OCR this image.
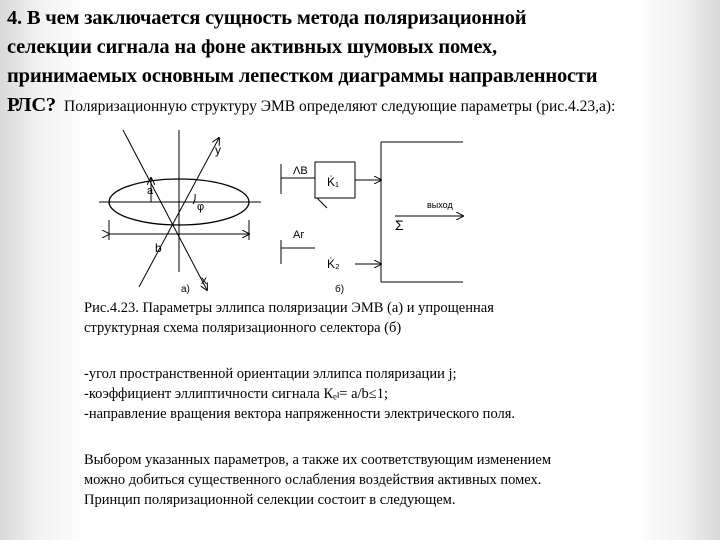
4. В чем заключается сущность метода поляризационной
селекции сигнала на фоне активных шумовых помех,
принимаемых основным лепестком диаграммы направленности
РЛС? Поляризационную структуру ЭМВ определяют следующие параметры (рис.4.23,а):
y
x
a
b
φ
а)
ΛВ
K̇₁
Аг
K̇₂
Σ
выход
б)
Рис.4.23. Параметры эллипса поляризации ЭМВ (а) и упрощенная
структурная схема поляризационного селектора (б)
-угол пространственной ориентации эллипса поляризации j;
-коэффициент эллиптичности сигнала Кₑₗ= a/b≤1;
-направление вращения вектора напряженности электрического поля.
Выбором указанных параметров, а также их соответствующим изменением
можно добиться существенного ослабления воздействия активных помех.
Принцип поляризационной селекции состоит в следующем.
